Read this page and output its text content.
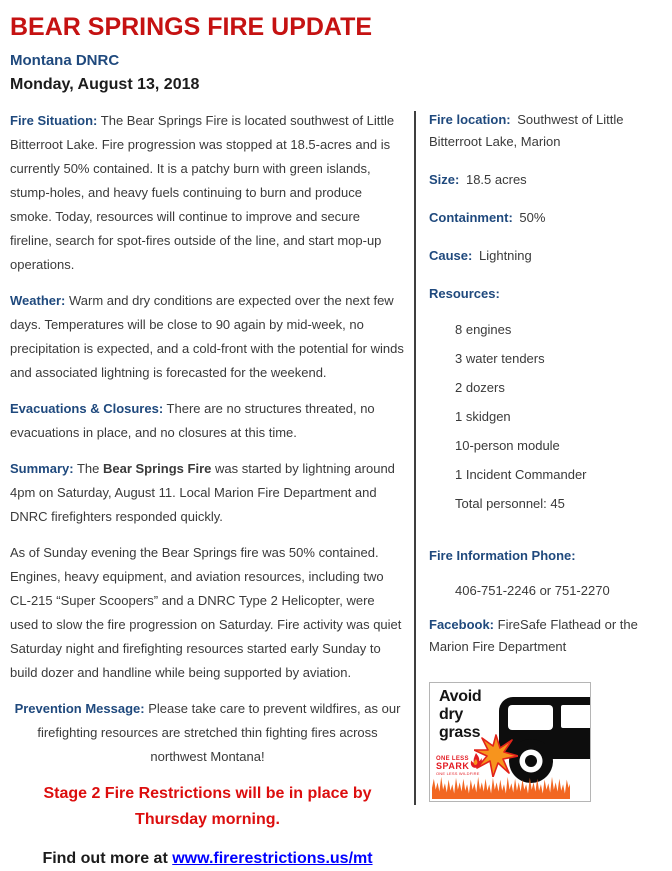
BEAR SPRINGS FIRE UPDATE
Montana DNRC
Monday, August 13, 2018

Fire Situation: The Bear Springs Fire is located southwest of Little Bitterroot Lake. Fire progression was stopped at 18.5-acres and is currently 50% contained. It is a patchy burn with green islands, stump-holes, and heavy fuels continuing to burn and produce smoke. Today, resources will continue to improve and secure fireline, search for spot-fires outside of the line, and start mop-up operations.

Weather: Warm and dry conditions are expected over the next few days. Temperatures will be close to 90 again by mid-week, no precipitation is expected, and a cold-front with the potential for winds and associated lightning is forecasted for the weekend.

Evacuations & Closures: There are no structures threated, no evacuations in place, and no closures at this time.

Summary: The Bear Springs Fire was started by lightning around 4pm on Saturday, August 11. Local Marion Fire Department and DNRC firefighters responded quickly.

As of Sunday evening the Bear Springs fire was 50% contained. Engines, heavy equipment, and aviation resources, including two CL-215 “Super Scoopers” and a DNRC Type 2 Helicopter, were used to slow the fire progression on Saturday. Fire activity was quiet Saturday night and firefighting resources started early Sunday to build dozer and handline while being supported by aviation.

Prevention Message: Please take care to prevent wildfires, as our firefighting resources are stretched thin fighting fires across northwest Montana!

Stage 2 Fire Restrictions will be in place by Thursday morning.

Find out more at www.firerestrictions.us/mt

Fire location: Southwest of Little Bitterroot Lake, Marion

Size: 18.5 acres

Containment: 50%

Cause: Lightning

Resources:

8 engines
3 water tenders
2 dozers
1 skidgen
10-person module
1 Incident Commander
Total personnel: 45

Fire Information Phone:

406-751-2246 or 751-2270

Facebook: FireSafe Flathead or the Marion Fire Department

Avoid
dry
grass
ONE LESS
SPARK
ONE LESS WILDFIRE
